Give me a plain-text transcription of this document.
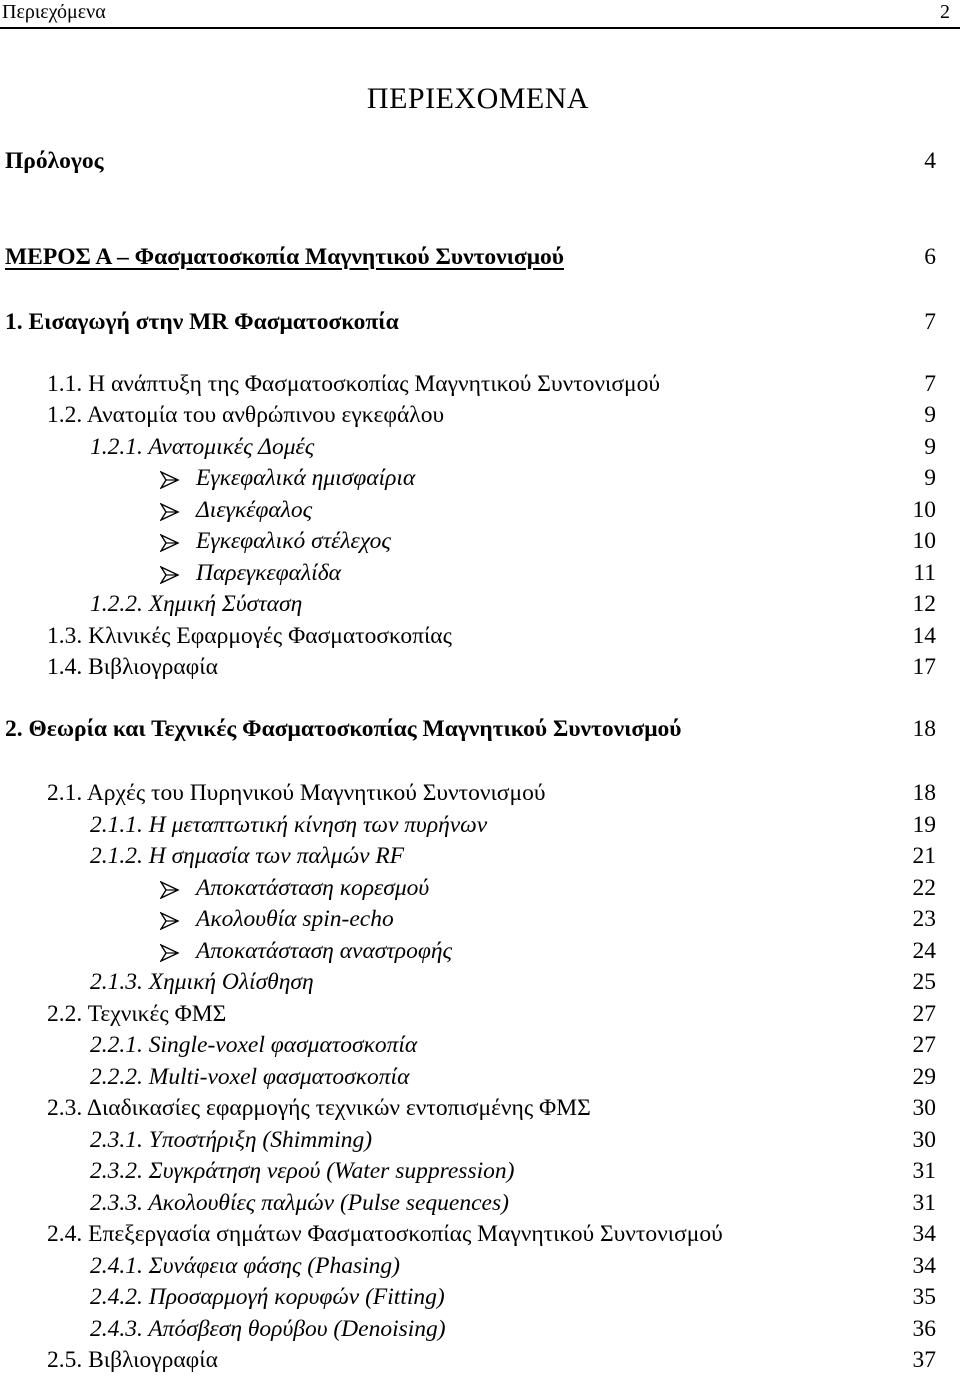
Περιεχόμενα	2
ΠΕΡΙΕΧΟΜΕΝΑ
Πρόλογος	4
ΜΕΡΟΣ Α – Φασματοσκοπία Μαγνητικού Συντονισμού	6
1. Εισαγωγή στην MR Φασματοσκοπία	7
1.1. Η ανάπτυξη της Φασματοσκοπίας Μαγνητικού Συντονισμού	7
1.2. Ανατομία του ανθρώπινου εγκεφάλου	9
1.2.1. Ανατομικές Δομές	9
Εγκεφαλικά ημισφαίρια	9
Διεγκέφαλος	10
Εγκεφαλικό στέλεχος	10
Παρεγκεφαλίδα	11
1.2.2. Χημική Σύσταση	12
1.3. Κλινικές Εφαρμογές Φασματοσκοπίας	14
1.4. Βιβλιογραφία	17
2. Θεωρία και Τεχνικές Φασματοσκοπίας Μαγνητικού Συντονισμού	18
2.1. Αρχές του Πυρηνικού Μαγνητικού Συντονισμού	18
2.1.1. Η μεταπτωτική κίνηση των πυρήνων	19
2.1.2. Η σημασία των παλμών RF	21
Αποκατάσταση κορεσμού	22
Ακολουθία spin-echo	23
Αποκατάσταση αναστροφής	24
2.1.3. Χημική Ολίσθηση	25
2.2. Τεχνικές ΦΜΣ	27
2.2.1. Single-voxel φασματοσκοπία	27
2.2.2. Multi-voxel φασματοσκοπία	29
2.3. Διαδικασίες εφαρμογής τεχνικών εντοπισμένης ΦΜΣ	30
2.3.1. Υποστήριξη (Shimming)	30
2.3.2. Συγκράτηση νερού (Water suppression)	31
2.3.3. Ακολουθίες παλμών (Pulse sequences)	31
2.4. Επεξεργασία σημάτων Φασματοσκοπίας Μαγνητικού Συντονισμού	34
2.4.1. Συνάφεια φάσης (Phasing)	34
2.4.2. Προσαρμογή κορυφών (Fitting)	35
2.4.3. Απόσβεση θορύβου (Denoising)	36
2.5. Βιβλιογραφία	37
